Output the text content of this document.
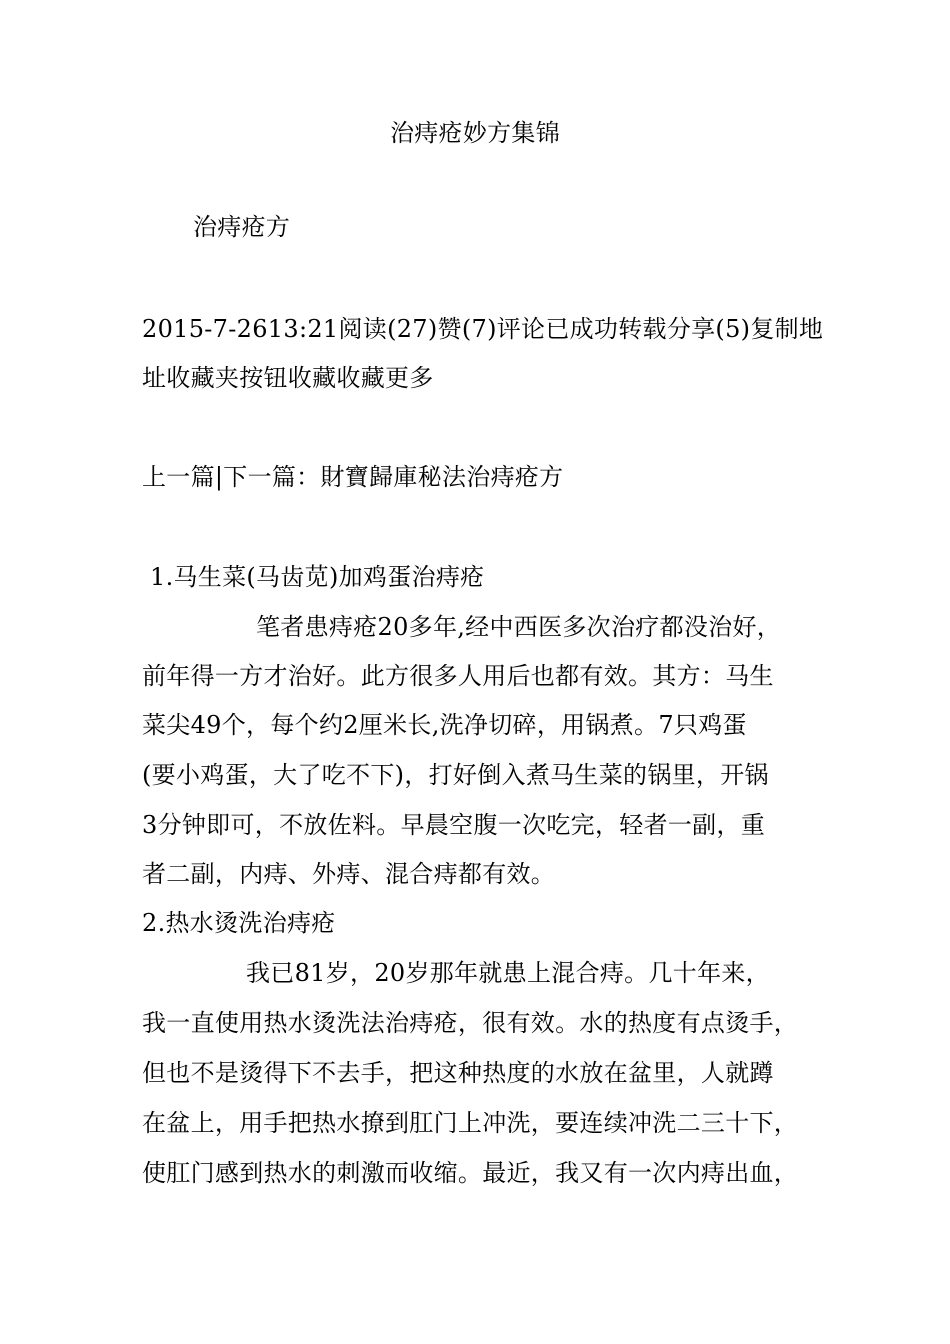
治痔疮妙方集锦
治痔疮方
2015-7-2613:21阅读(27)赞(7)评论已成功转载分享(5)复制地
址收藏夹按钮收藏收藏更多
上一篇|下一篇：財寶歸庫秘法治痔疮方
1.马生菜(马齿苋)加鸡蛋治痔疮
笔者患痔疮20多年,经中西医多次治疗都没治好，
前年得一方才治好。此方很多人用后也都有效。其方：马生
菜尖49个，每个约2厘米长,洗净切碎，用锅煮。7只鸡蛋
(要小鸡蛋，大了吃不下)，打好倒入煮马生菜的锅里，开锅
3分钟即可，不放佐料。早晨空腹一次吃完，轻者一副，重
者二副，内痔、外痔、混合痔都有效。
2.热水烫洗治痔疮
我已81岁，20岁那年就患上混合痔。几十年来，
我一直使用热水烫洗法治痔疮，很有效。水的热度有点烫手，
但也不是烫得下不去手，把这种热度的水放在盆里，人就蹲
在盆上，用手把热水撩到肛门上冲洗，要连续冲洗二三十下，
使肛门感到热水的刺激而收缩。最近，我又有一次内痔出血，
